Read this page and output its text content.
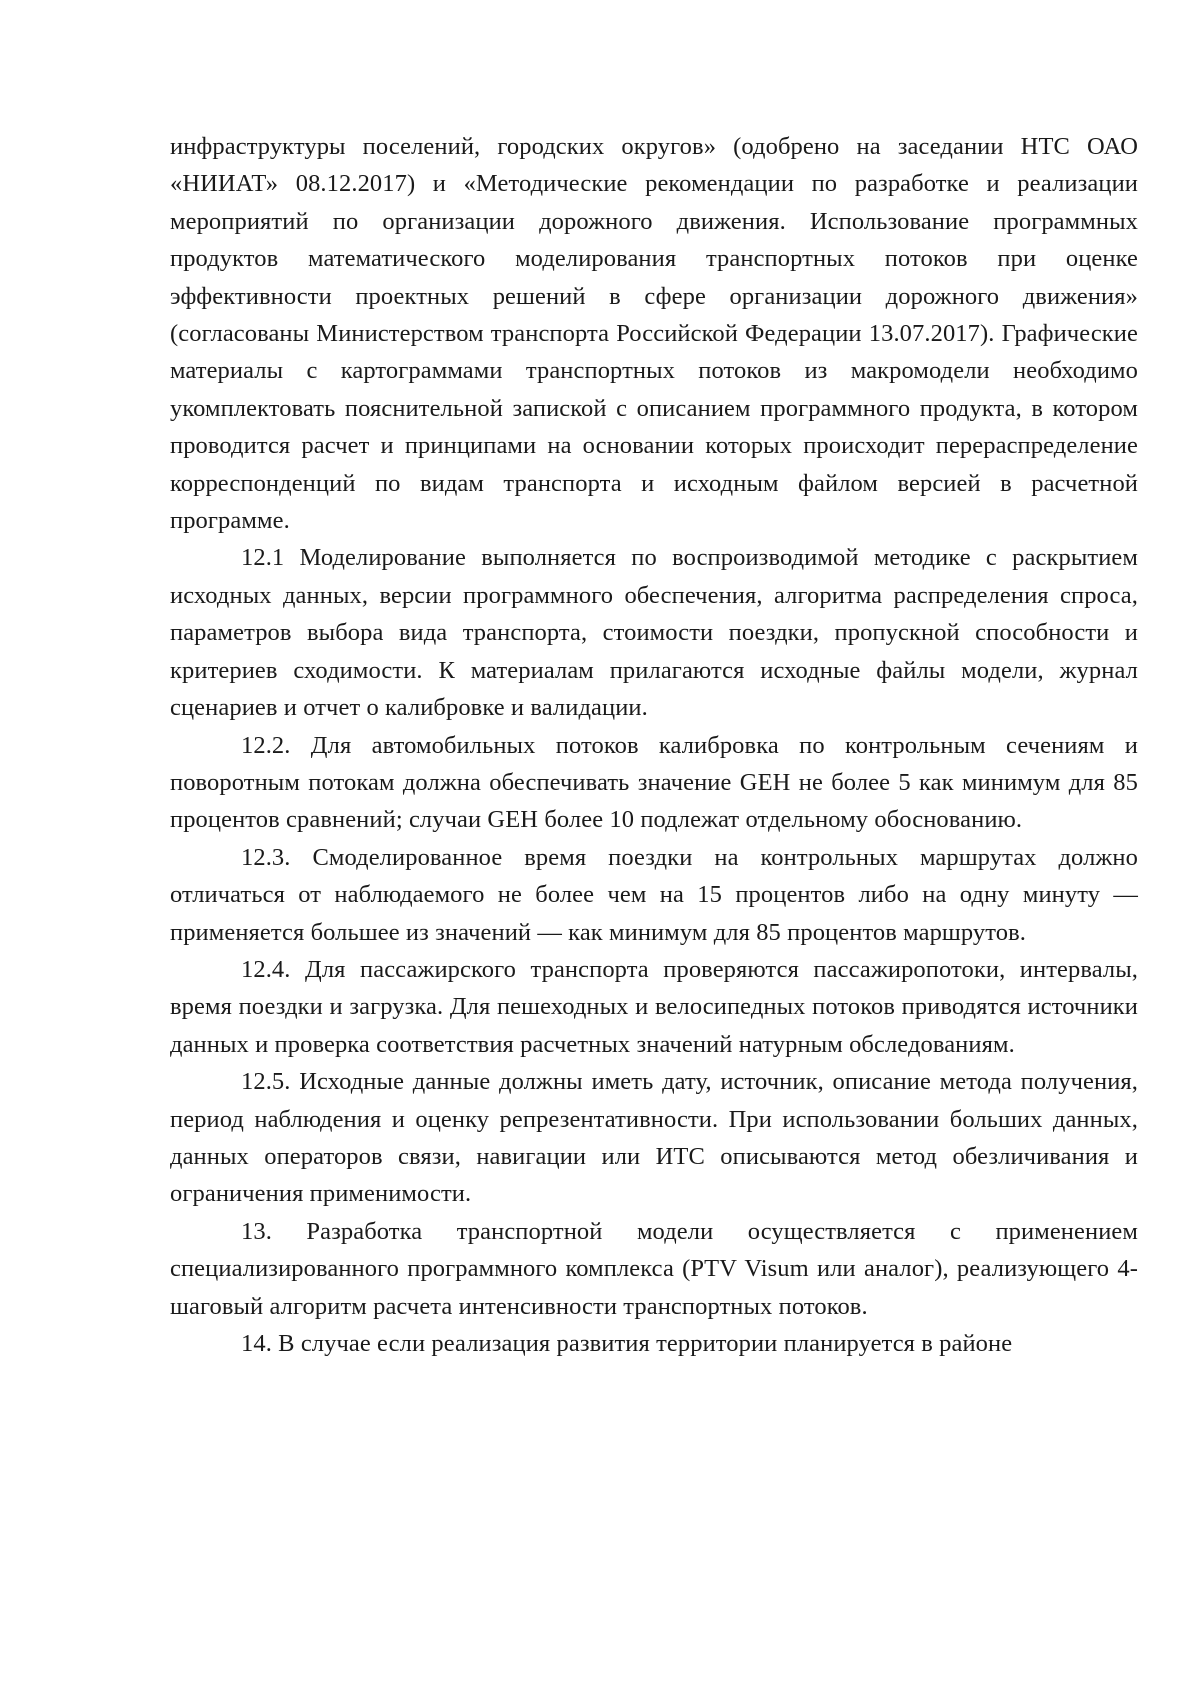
инфраструктуры поселений, городских округов» (одобрено на заседании НТС ОАО «НИИАТ» 08.12.2017) и «Методические рекомендации по разработке и реализации мероприятий по организации дорожного движения. Использование программных продуктов математического моделирования транспортных потоков при оценке эффективности проектных решений в сфере организации дорожного движения» (согласованы Министерством транспорта Российской Федерации 13.07.2017). Графические материалы с картограммами транспортных потоков из макромодели необходимо укомплектовать пояснительной запиской с описанием программного продукта, в котором проводится расчет и принципами на основании которых происходит перераспределение корреспонденций по видам транспорта и исходным файлом версией в расчетной программе.

12.1 Моделирование выполняется по воспроизводимой методике с раскрытием исходных данных, версии программного обеспечения, алгоритма распределения спроса, параметров выбора вида транспорта, стоимости поездки, пропускной способности и критериев сходимости. К материалам прилагаются исходные файлы модели, журнал сценариев и отчет о калибровке и валидации.

12.2. Для автомобильных потоков калибровка по контрольным сечениям и поворотным потокам должна обеспечивать значение GEH не более 5 как минимум для 85 процентов сравнений; случаи GEH более 10 подлежат отдельному обоснованию.

12.3. Смоделированное время поездки на контрольных маршрутах должно отличаться от наблюдаемого не более чем на 15 процентов либо на одну минуту — применяется большее из значений — как минимум для 85 процентов маршрутов.

12.4. Для пассажирского транспорта проверяются пассажиропотоки, интервалы, время поездки и загрузка. Для пешеходных и велосипедных потоков приводятся источники данных и проверка соответствия расчетных значений натурным обследованиям.

12.5. Исходные данные должны иметь дату, источник, описание метода получения, период наблюдения и оценку репрезентативности. При использовании больших данных, данных операторов связи, навигации или ИТС описываются метод обезличивания и ограничения применимости.

13. Разработка транспортной модели осуществляется с применением специализированного программного комплекса (PTV Visum или аналог), реализующего 4-шаговый алгоритм расчета интенсивности транспортных потоков.

14. В случае если реализация развития территории планируется в районе
